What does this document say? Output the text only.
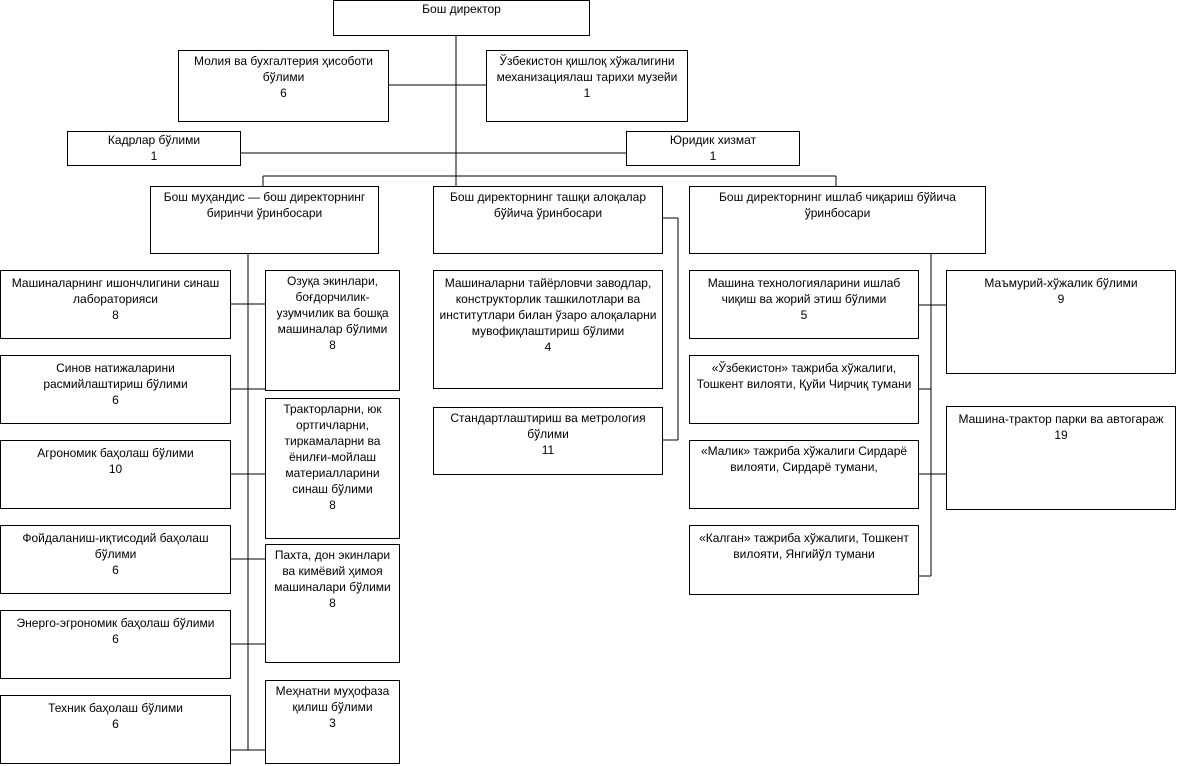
Бош директор
Молия ва бухгалтерия ҳисоботи бўлими
6
Ўзбекистон қишлоқ хўжалигини механизациялаш тарихи музейи
1
Кадрлар бўлими
1
Юридик хизмат
1
Бош муҳандис — бош директорнинг биринчи ўринбосари
Бош директорнинг ташқи алоқалар бўйича ўринбосари
Бош директорнинг ишлаб чиқариш бўйича ўринбосари
Машиналарнинг ишончлигини синаш лабораторияси
8
Синов натижаларини расмийлаштириш бўлими
6
Агрономик баҳолаш бўлими
10
Фойдаланиш-иқтисодий баҳолаш бўлими
6
Энерго-эгрономик баҳолаш бўлими
6
Техник баҳолаш бўлими
6
Озуқа экинлари, боғдорчилик-узумчилик ва бошқа машиналар бўлими
8
Тракторларни, юк ортгичларни, тиркамаларни ва ёнилғи-мойлаш материалларини синаш бўлими
8
Пахта, дон экинлари ва кимёвий ҳимоя машиналари бўлими
8
Меҳнатни муҳофаза қилиш бўлими
3
Машиналарни тайёрловчи заводлар, конструкторлик ташкилотлари ва институтлари билан ўзаро алоқаларни мувофиқлаштириш бўлими
4
Стандартлаштириш ва метрология бўлими
11
Машина технологияларини ишлаб чиқиш ва жорий этиш бўлими
5
«Ўзбекистон» тажриба хўжалиги, Тошкент вилояти, Қуйи Чирчиқ тумани
«Малик» тажриба хўжалиги Сирдарё вилояти, Сирдарё тумани,
«Калган» тажриба хўжалиги, Тошкент вилояти, Янгийўл тумани
Маъмурий-хўжалик бўлими
9
Машина-трактор парки ва автогараж
19
